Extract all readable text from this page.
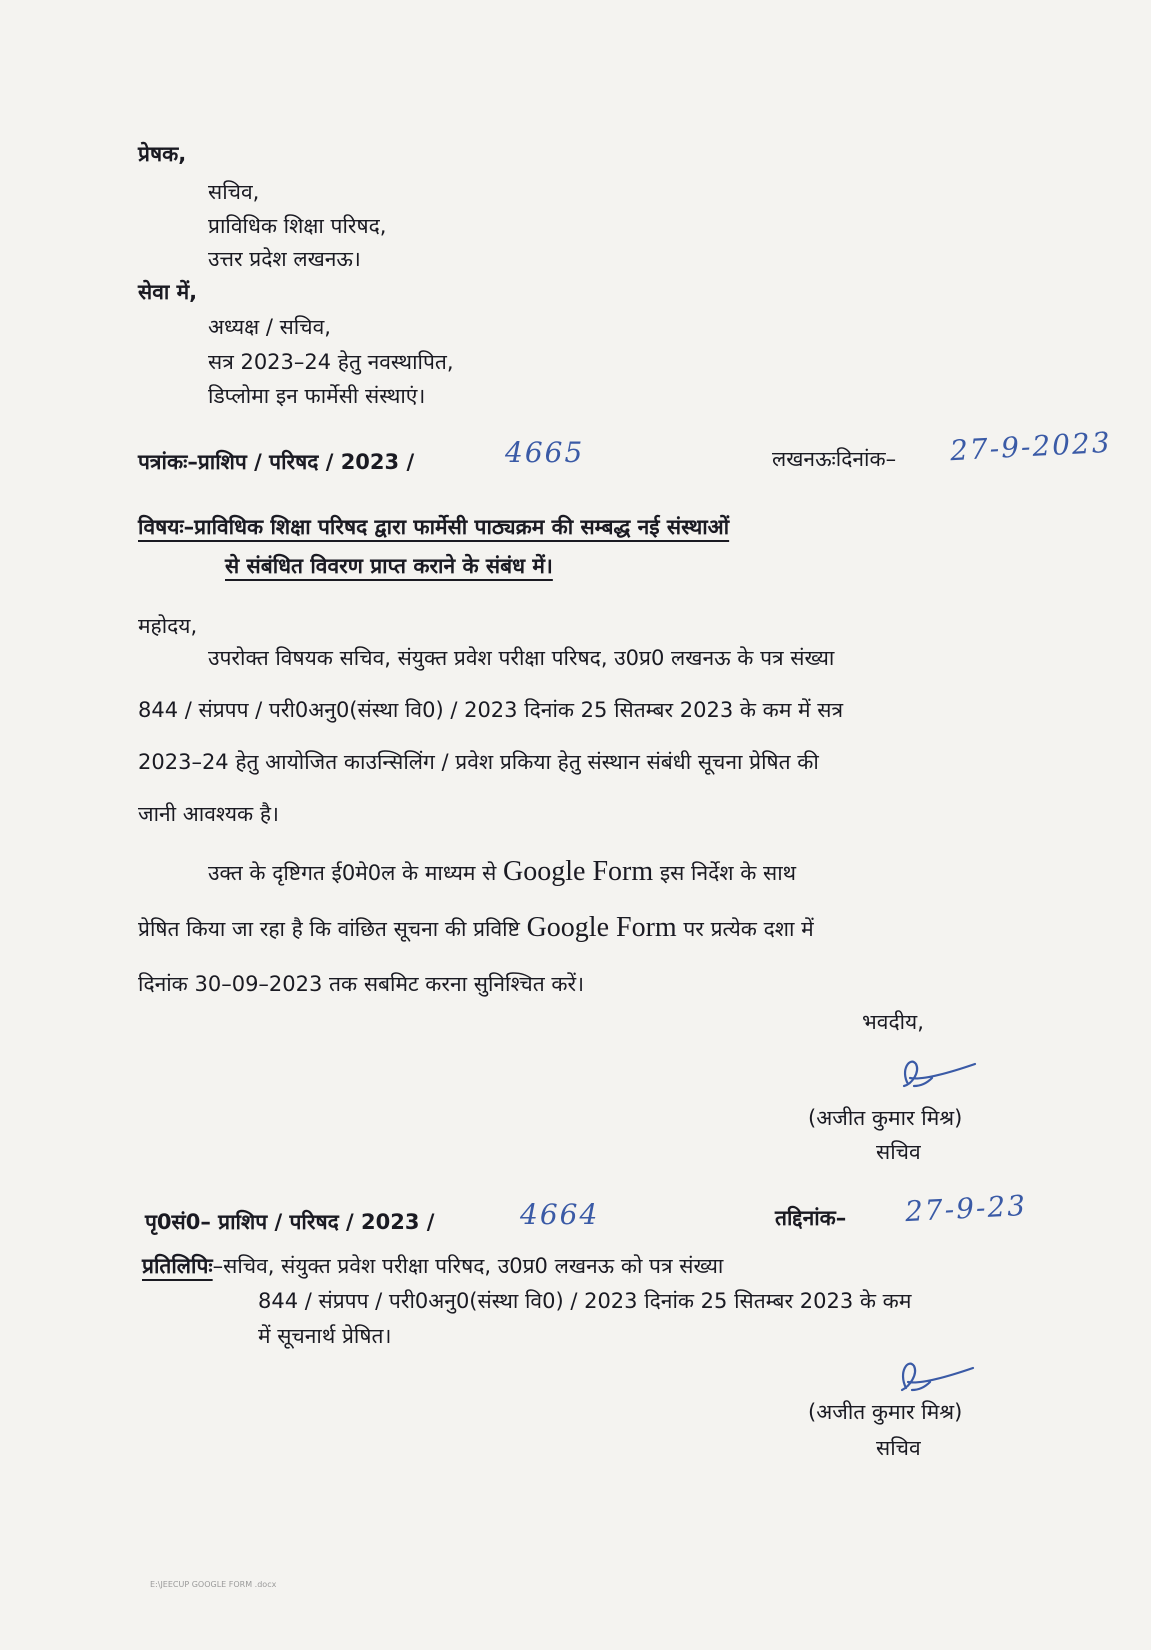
प्रेषक,
सचिव,
प्राविधिक शिक्षा परिषद,
उत्तर प्रदेश लखनऊ।
सेवा में,
अध्यक्ष / सचिव,
सत्र 2023–24 हेतु नवस्थापित,
डिप्लोमा इन फार्मेसी संस्थाएं।
पत्रांकः–प्राशिप / परिषद / 2023 /	4665	लखनऊःदिनांक– 27-9-2023
विषयः–प्राविधिक शिक्षा परिषद द्वारा फार्मेसी पाठ्यक्रम की सम्बद्ध नई संस्थाओं
से संबंधित विवरण प्राप्त कराने के संबंध में।
महोदय,
उपरोक्त विषयक सचिव, संयुक्त प्रवेश परीक्षा परिषद, उ0प्र0 लखनऊ के पत्र संख्या
844 / संप्रपप / परी0अनु0(संस्था वि0) / 2023 दिनांक 25 सितम्बर 2023 के कम में सत्र
2023–24 हेतु आयोजित काउन्सिलिंग / प्रवेश प्रकिया हेतु संस्थान संबंधी सूचना प्रेषित की
जानी आवश्यक है।
उक्त के दृष्टिगत ई0मे0ल के माध्यम से Google Form इस निर्देश के साथ
प्रेषित किया जा रहा है कि वांछित सूचना की प्रविष्टि Google Form पर प्रत्येक दशा में
दिनांक 30–09–2023 तक सबमिट करना सुनिश्चित करें।
भवदीय,
(अजीत कुमार मिश्र)
सचिव
पृ0सं0– प्राशिप / परिषद / 2023 /	4664	तद्दिनांक– 27-9-23
प्रतिलिपिः–सचिव, संयुक्त प्रवेश परीक्षा परिषद, उ0प्र0 लखनऊ को पत्र संख्या
844 / संप्रपप / परी0अनु0(संस्था वि0) / 2023 दिनांक 25 सितम्बर 2023 के कम
में सूचनार्थ प्रेषित।
(अजीत कुमार मिश्र)
सचिव
E:\JEECUP GOOGLE FORM .docx
